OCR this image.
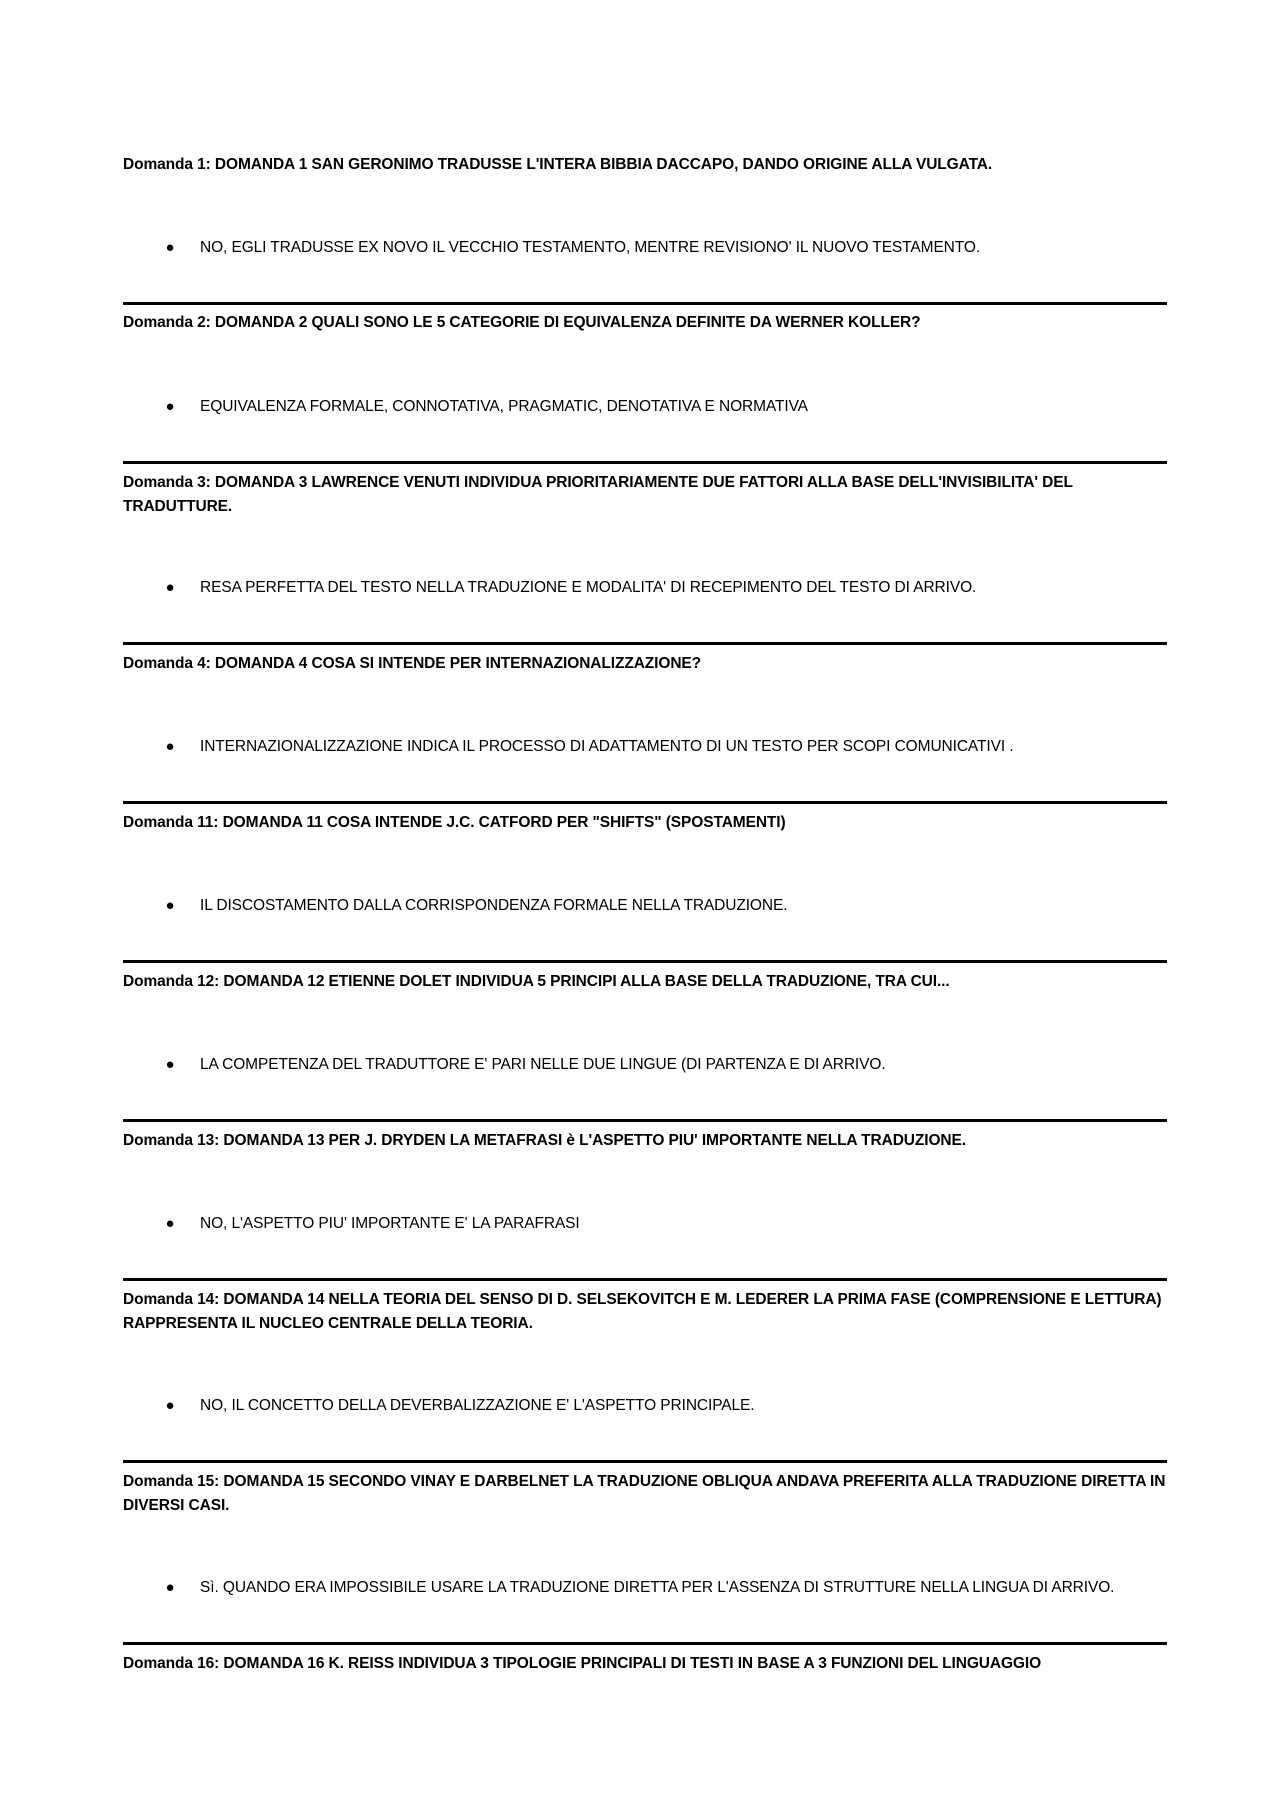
Domanda 1: DOMANDA 1 SAN GERONIMO TRADUSSE L'INTERA BIBBIA DACCAPO, DANDO ORIGINE ALLA VULGATA.
● NO, EGLI TRADUSSE EX NOVO IL VECCHIO TESTAMENTO, MENTRE REVISIONO' IL NUOVO TESTAMENTO.
Domanda 2: DOMANDA 2 QUALI SONO LE 5 CATEGORIE DI EQUIVALENZA DEFINITE DA WERNER KOLLER?
● EQUIVALENZA FORMALE, CONNOTATIVA, PRAGMATIC, DENOTATIVA E NORMATIVA
Domanda 3: DOMANDA 3 LAWRENCE VENUTI INDIVIDUA PRIORITARIAMENTE DUE FATTORI ALLA BASE DELL'INVISIBILITA' DEL TRADUTTURE.
● RESA PERFETTA DEL TESTO NELLA TRADUZIONE E MODALITA' DI RECEPIMENTO DEL TESTO DI ARRIVO.
Domanda 4: DOMANDA 4 COSA SI INTENDE PER INTERNAZIONALIZZAZIONE?
● INTERNAZIONALIZZAZIONE INDICA IL PROCESSO DI ADATTAMENTO DI UN TESTO PER SCOPI COMUNICATIVI .
Domanda 11: DOMANDA 11 COSA INTENDE J.C. CATFORD PER "SHIFTS" (SPOSTAMENTI)
● IL DISCOSTAMENTO DALLA CORRISPONDENZA FORMALE NELLA TRADUZIONE.
Domanda 12: DOMANDA 12 ETIENNE DOLET INDIVIDUA 5 PRINCIPI ALLA BASE DELLA TRADUZIONE, TRA CUI...
● LA COMPETENZA DEL TRADUTTORE E' PARI NELLE DUE LINGUE (DI PARTENZA E DI ARRIVO.
Domanda 13: DOMANDA 13 PER J. DRYDEN LA METAFRASI è L'ASPETTO PIU' IMPORTANTE NELLA TRADUZIONE.
● NO, L'ASPETTO PIU' IMPORTANTE E' LA PARAFRASI
Domanda 14: DOMANDA 14 NELLA TEORIA DEL SENSO DI D. SELSEKOVITCH E M. LEDERER LA PRIMA FASE (COMPRENSIONE E LETTURA) RAPPRESENTA IL NUCLEO CENTRALE DELLA TEORIA.
● NO, IL CONCETTO DELLA DEVERBALIZZAZIONE E' L'ASPETTO PRINCIPALE.
Domanda 15: DOMANDA 15 SECONDO VINAY E DARBELNET LA TRADUZIONE OBLIQUA ANDAVA PREFERITA ALLA TRADUZIONE DIRETTA IN DIVERSI CASI.
● Sì. QUANDO ERA IMPOSSIBILE USARE LA TRADUZIONE DIRETTA PER L'ASSENZA DI STRUTTURE NELLA LINGUA DI ARRIVO.
Domanda 16: DOMANDA 16 K. REISS INDIVIDUA 3 TIPOLOGIE PRINCIPALI DI TESTI IN BASE A 3 FUNZIONI DEL LINGUAGGIO
